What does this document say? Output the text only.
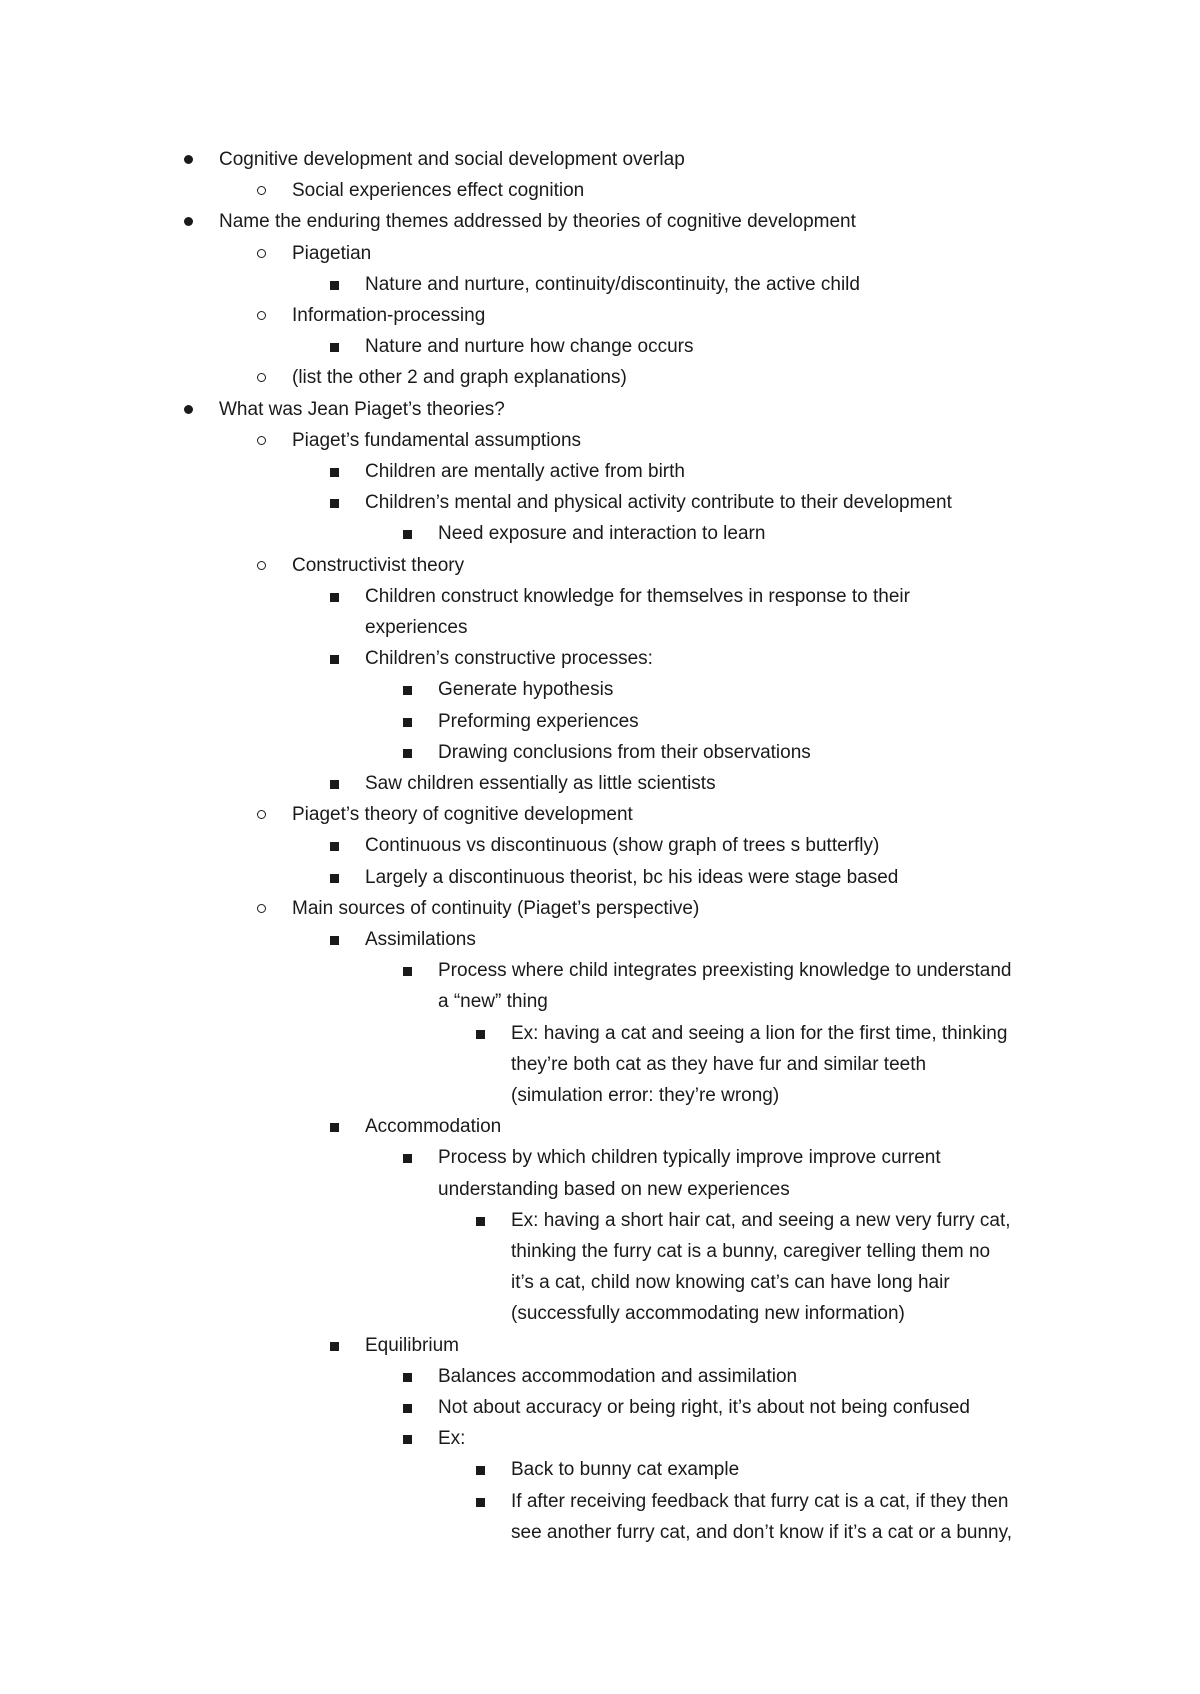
Cognitive development and social development overlap
Social experiences effect cognition
Name the enduring themes addressed by theories of cognitive development
Piagetian
Nature and nurture, continuity/discontinuity, the active child
Information-processing
Nature and nurture how change occurs
(list the other 2 and graph explanations)
What was Jean Piaget’s theories?
Piaget’s fundamental assumptions
Children are mentally active from birth
Children’s mental and physical activity contribute to their development
Need exposure and interaction to learn
Constructivist theory
Children construct knowledge for themselves in response to their
experiences
Children’s constructive processes:
Generate hypothesis
Preforming experiences
Drawing conclusions from their observations
Saw children essentially as little scientists
Piaget’s theory of cognitive development
Continuous vs discontinuous (show graph of trees s butterfly)
Largely a discontinuous theorist, bc his ideas were stage based
Main sources of continuity (Piaget’s perspective)
Assimilations
Process where child integrates preexisting knowledge to understand
a “new” thing
Ex: having a cat and seeing a lion for the first time, thinking
they’re both cat as they have fur and similar teeth
(simulation error: they’re wrong)
Accommodation
Process by which children typically improve improve current
understanding based on new experiences
Ex: having a short hair cat, and seeing a new very furry cat,
thinking the furry cat is a bunny, caregiver telling them no
it’s a cat, child now knowing cat’s can have long hair
(successfully accommodating new information)
Equilibrium
Balances accommodation and assimilation
Not about accuracy or being right, it’s about not being confused
Ex:
Back to bunny cat example
If after receiving feedback that furry cat is a cat, if they then
see another furry cat, and don’t know if it’s a cat or a bunny,
